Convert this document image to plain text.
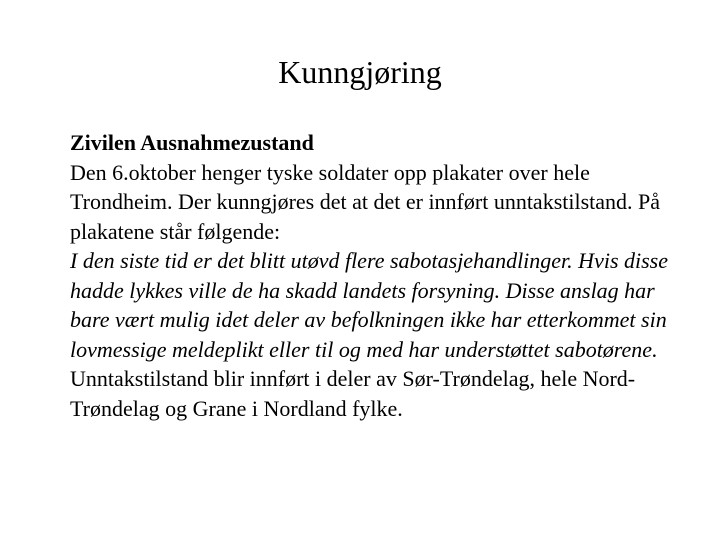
Kunngjøring

Zivilen Ausnahmezustand

Den 6.oktober henger tyske soldater opp plakater over hele Trondheim. Der kunngjøres det at det er innført unntakstilstand. På plakatene står følgende:

I den siste tid er det blitt utøvd flere sabotasjehandlinger. Hvis disse hadde lykkes ville de ha skadd landets forsyning. Disse anslag har bare vært mulig idet deler av befolkningen ikke har etterkommet sin lovmessige meldeplikt eller til og med har understøttet sabotørene.

Unntakstilstand blir innført i deler av Sør-Trøndelag, hele Nord-Trøndelag og Grane i Nordland fylke.
